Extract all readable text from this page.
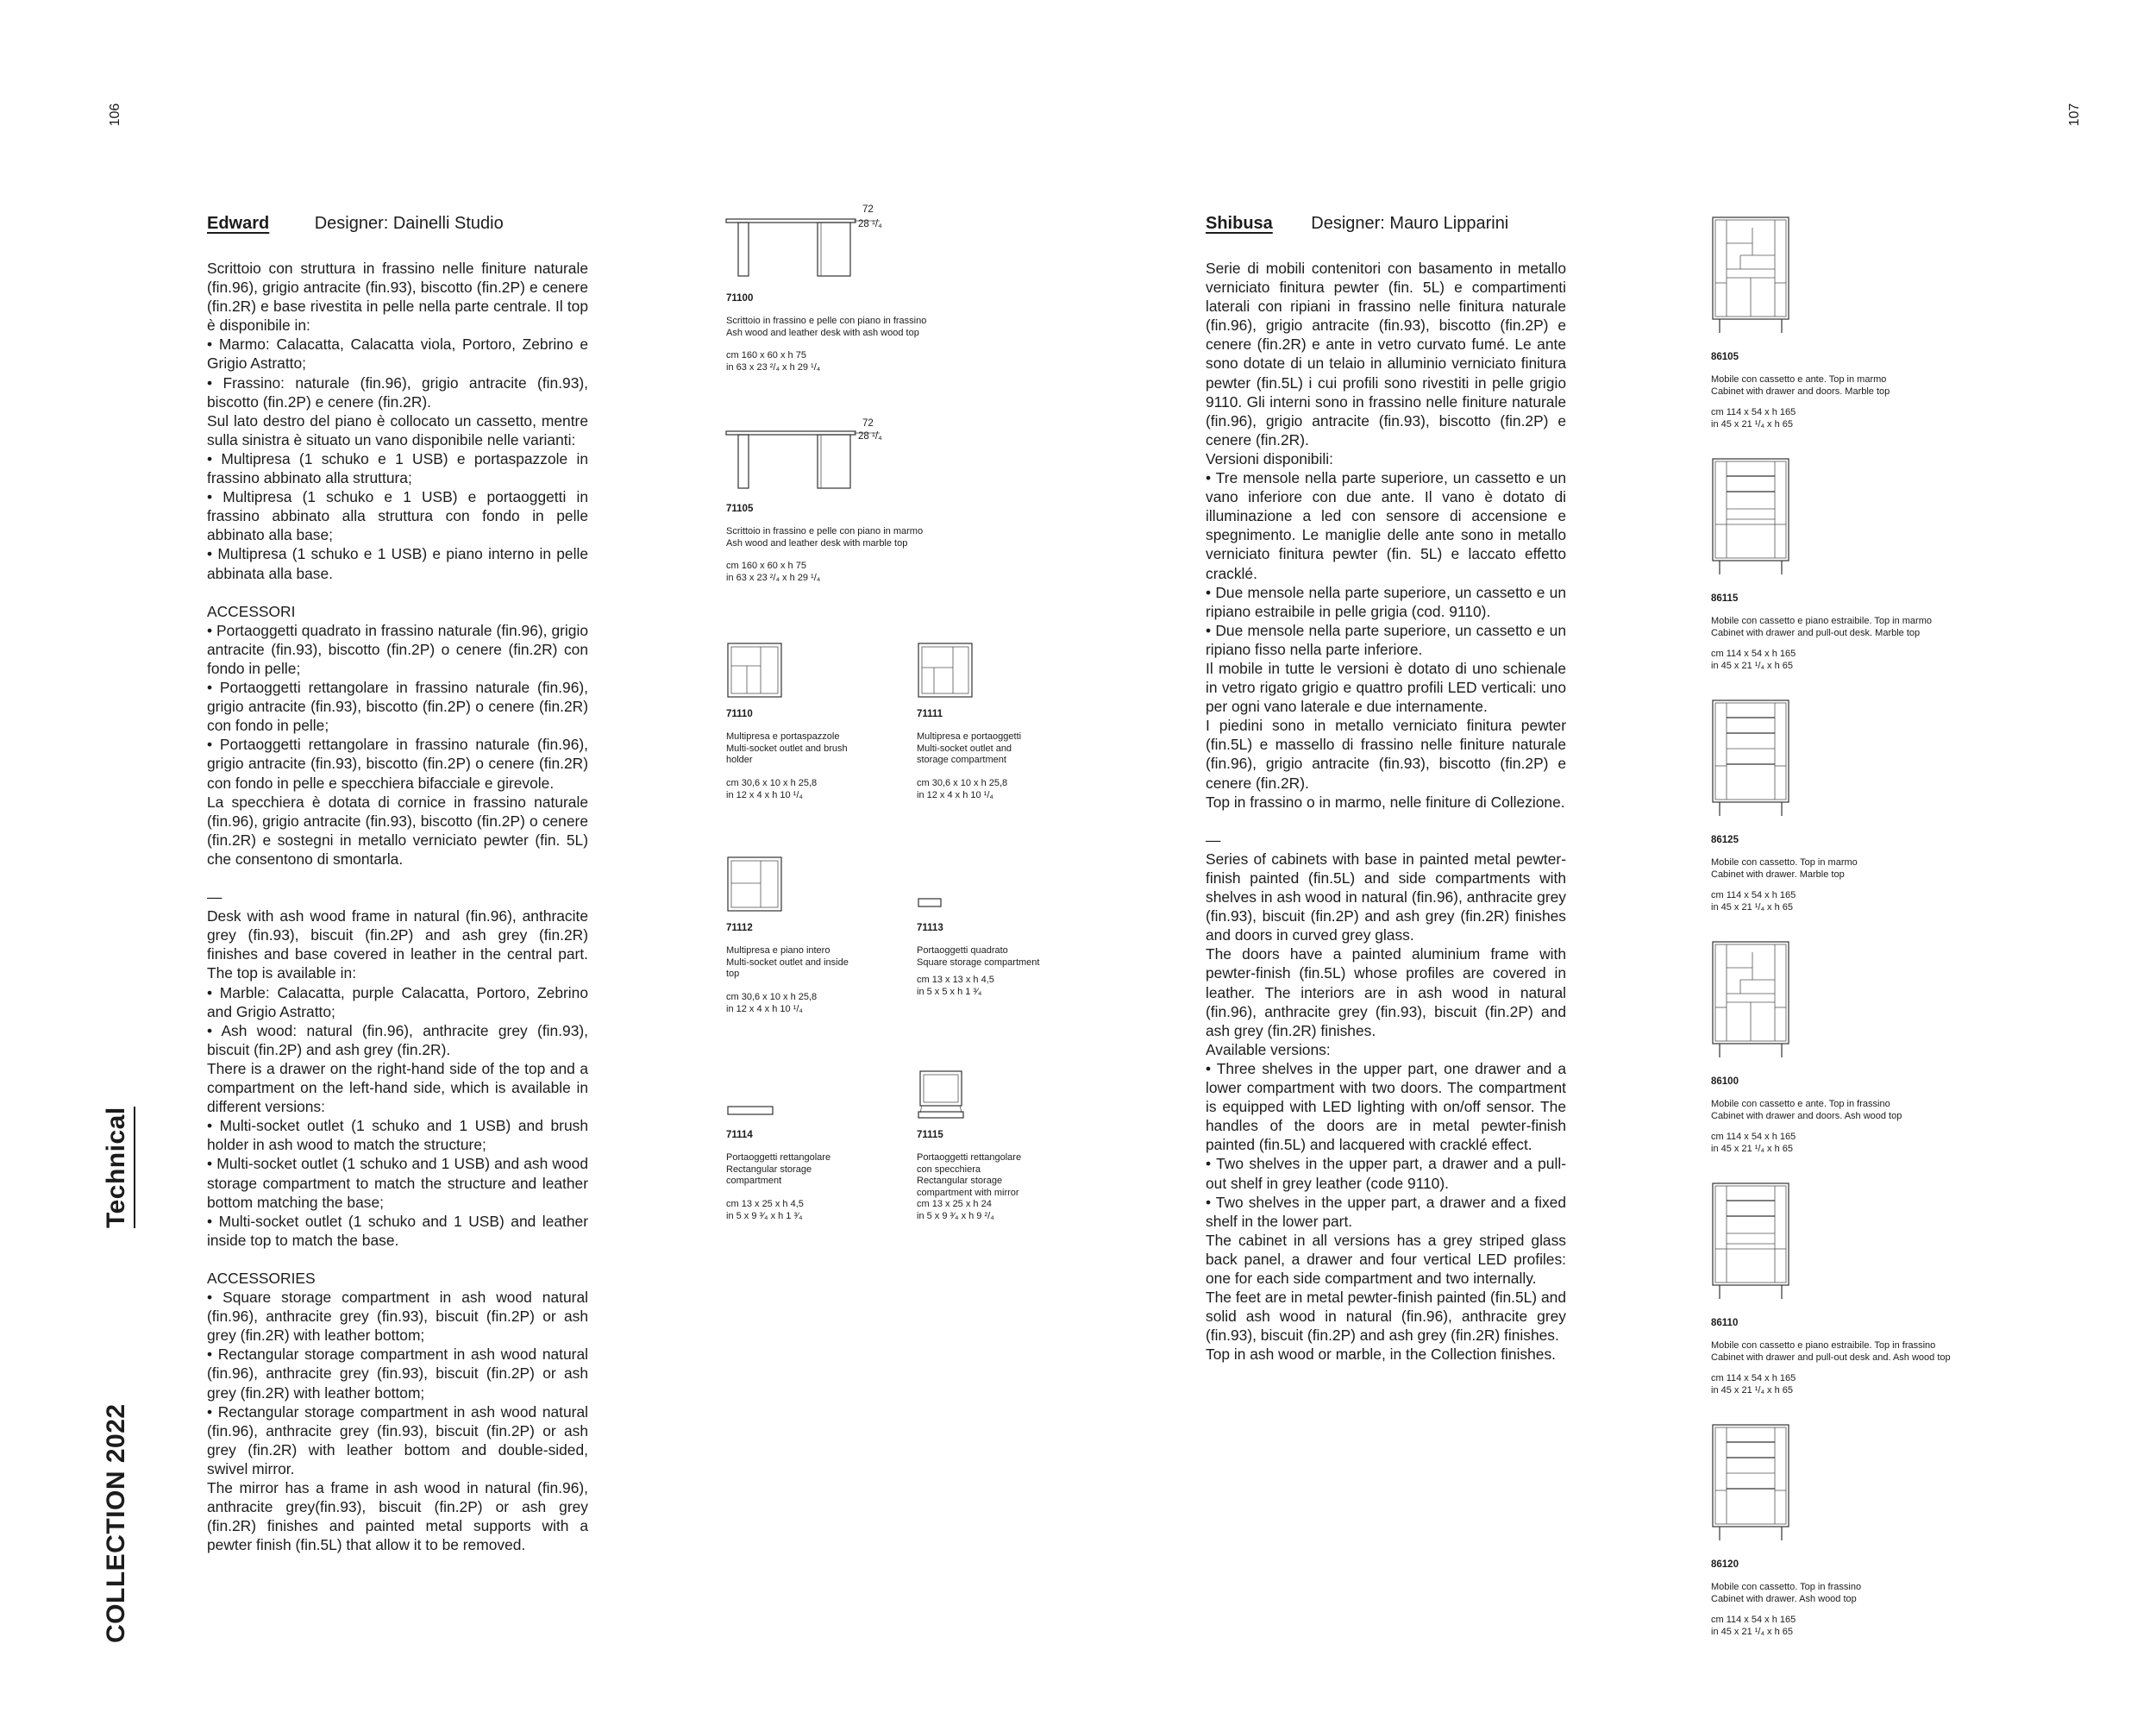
106	107
Technical
COLLECTION 2022
Edward	Designer: Dainelli Studio
Scrittoio con struttura in frassino nelle finiture naturale (fin.96), grigio antracite (fin.93), biscotto (fin.2P) e cenere (fin.2R) e base rivestita in pelle nella parte centrale. Il top è disponibile in:
• Marmo: Calacatta, Calacatta viola, Portoro, Zebrino e Grigio Astratto;
• Frassino: naturale (fin.96), grigio antracite (fin.93), biscotto (fin.2P) e cenere (fin.2R).
Sul lato destro del piano è collocato un cassetto, mentre sulla sinistra è situato un vano disponibile nelle varianti:
• Multipresa (1 schuko e 1 USB) e portaspazzole in frassino abbinato alla struttura;
• Multipresa (1 schuko e 1 USB) e portaoggetti in frassino abbinato alla struttura con fondo in pelle abbinato alla base;
• Multipresa (1 schuko e 1 USB) e piano interno in pelle abbinata alla base.

ACCESSORI
• Portaoggetti quadrato in frassino naturale (fin.96), grigio antracite (fin.93), biscotto (fin.2P) o cenere (fin.2R) con fondo in pelle;
• Portaoggetti rettangolare in frassino naturale (fin.96), grigio antracite (fin.93), biscotto (fin.2P) o cenere (fin.2R) con fondo in pelle;
• Portaoggetti rettangolare in frassino naturale (fin.96), grigio antracite (fin.93), biscotto (fin.2P) o cenere (fin.2R) con fondo in pelle e specchiera bifacciale e girevole.
La specchiera è dotata di cornice in frassino naturale (fin.96), grigio antracite (fin.93), biscotto (fin.2P) o cenere (fin.2R) e sostegni in metallo verniciato pewter (fin. 5L) che consentono di smontarla.

—
Desk with ash wood frame in natural (fin.96), anthracite grey (fin.93), biscuit (fin.2P) and ash grey (fin.2R) finishes and base covered in leather in the central part. The top is available in:
• Marble: Calacatta, purple Calacatta, Portoro, Zebrino and Grigio Astratto;
• Ash wood: natural (fin.96), anthracite grey (fin.93), biscuit (fin.2P) and ash grey (fin.2R).
There is a drawer on the right-hand side of the top and a compartment on the left-hand side, which is available in different versions:
• Multi-socket outlet (1 schuko and 1 USB) and brush holder in ash wood to match the structure;
• Multi-socket outlet (1 schuko and 1 USB) and ash wood storage compartment to match the structure and leather bottom matching the base;
• Multi-socket outlet (1 schuko and 1 USB) and leather inside top to match the base.

ACCESSORIES
• Square storage compartment in ash wood natural (fin.96), anthracite grey (fin.93), biscuit (fin.2P) or ash grey (fin.2R) with leather bottom;
• Rectangular storage compartment in ash wood natural (fin.96), anthracite grey (fin.93), biscuit (fin.2P) or ash grey (fin.2R) with leather bottom;
• Rectangular storage compartment in ash wood natural (fin.96), anthracite grey (fin.93), biscuit (fin.2P) or ash grey (fin.2R) with leather bottom and double-sided, swivel mirror.
The mirror has a frame in ash wood in natural (fin.96), anthracite grey(fin.93), biscuit (fin.2P) or ash grey (fin.2R) finishes and painted metal supports with a pewter finish (fin.5L) that allow it to be removed.
72
28 ¹/₄
71100
Scrittoio in frassino e pelle con piano in frassino
Ash wood and leather desk with ash wood top
cm 160 x 60 x h 75
in 63 x 23 ²/₄ x h 29 ¹/₄
72
28 ¹/₄
71105
Scrittoio in frassino e pelle con piano in marmo
Ash wood and leather desk with marble top
cm 160 x 60 x h 75
in 63 x 23 ²/₄ x h 29 ¹/₄
71110
Multipresa e portaspazzole
Multi-socket outlet and brush
holder
cm 30,6 x 10 x h 25,8
in 12 x 4 x h 10 ¹/₄
71111
Multipresa e portaoggetti
Multi-socket outlet and
storage compartment
cm 30,6 x 10 x h 25,8
in 12 x 4 x h 10 ¹/₄
71112
Multipresa e piano intero
Multi-socket outlet and inside
top
cm 30,6 x 10 x h 25,8
in 12 x 4 x h 10 ¹/₄
71113
Portaoggetti quadrato
Square storage compartment
cm 13 x 13 x h 4,5
in 5 x 5 x h 1 ³⁄₄
71114
Portaoggetti rettangolare
Rectangular storage
compartment
cm 13 x 25 x h 4,5
in 5 x 9 ³⁄₄ x h 1 ³⁄₄
71115
Portaoggetti rettangolare
con specchiera
Rectangular storage
compartment with mirror
cm 13 x 25 x h 24
in 5 x 9 ³⁄₄ x h 9 ²/₄
Shibusa Designer: Mauro Lipparini
Serie di mobili contenitori con basamento in metallo verniciato finitura pewter (fin. 5L) e compartimenti laterali con ripiani in frassino nelle finitura naturale (fin.96), grigio antracite (fin.93), biscotto (fin.2P) e cenere (fin.2R) e ante in vetro curvato fumé. Le ante sono dotate di un telaio in alluminio verniciato finitura pewter (fin.5L) i cui profili sono rivestiti in pelle grigio 9110. Gli interni sono in frassino nelle finiture naturale (fin.96), grigio antracite (fin.93), biscotto (fin.2P) e cenere (fin.2R).
Versioni disponibili:
• Tre mensole nella parte superiore, un cassetto e un vano inferiore con due ante. Il vano è dotato di illuminazione a led con sensore di accensione e spegnimento. Le maniglie delle ante sono in metallo verniciato finitura pewter (fin. 5L) e laccato effetto cracklé.
• Due mensole nella parte superiore, un cassetto e un ripiano estraibile in pelle grigia (cod. 9110).
• Due mensole nella parte superiore, un cassetto e un ripiano fisso nella parte inferiore.
Il mobile in tutte le versioni è dotato di uno schienale in vetro rigato grigio e quattro profili LED verticali: uno per ogni vano laterale e due internamente.
I piedini sono in metallo verniciato finitura pewter (fin.5L) e massello di frassino nelle finiture naturale (fin.96), grigio antracite (fin.93), biscotto (fin.2P) e cenere (fin.2R).
Top in frassino o in marmo, nelle finiture di Collezione.

—
Series of cabinets with base in painted metal pewter-finish painted (fin.5L) and side compartments with shelves in ash wood in natural (fin.96), anthracite grey (fin.93), biscuit (fin.2P) and ash grey (fin.2R) finishes and doors in curved grey glass.
The doors have a painted aluminium frame with pewter-finish (fin.5L) whose profiles are covered in leather. The interiors are in ash wood in natural (fin.96), anthracite grey (fin.93), biscuit (fin.2P) and ash grey (fin.2R) finishes.
Available versions:
• Three shelves in the upper part, one drawer and a lower compartment with two doors. The compartment is equipped with LED lighting with on/off sensor. The handles of the doors are in metal pewter-finish painted (fin.5L) and lacquered with cracklé effect.
• Two shelves in the upper part, a drawer and a pull-out shelf in grey leather (code 9110).
• Two shelves in the upper part, a drawer and a fixed shelf in the lower part.
The cabinet in all versions has a grey striped glass back panel, a drawer and four vertical LED profiles: one for each side compartment and two internally.
The feet are in metal pewter-finish painted (fin.5L) and solid ash wood in natural (fin.96), anthracite grey (fin.93), biscuit (fin.2P) and ash grey (fin.2R) finishes.
Top in ash wood or marble, in the Collection finishes.
86105
Mobile con cassetto e ante. Top in marmo
Cabinet with drawer and doors. Marble top
cm 114 x 54 x h 165
in 45 x 21 ¹/₄ x h 65
86115
Mobile con cassetto e piano estraibile. Top in marmo
Cabinet with drawer and pull-out desk. Marble top
cm 114 x 54 x h 165
in 45 x 21 ¹/₄ x h 65
86125
Mobile con cassetto. Top in marmo
Cabinet with drawer. Marble top
cm 114 x 54 x h 165
in 45 x 21 ¹/₄ x h 65
86100
Mobile con cassetto e ante. Top in frassino
Cabinet with drawer and doors. Ash wood top
cm 114 x 54 x h 165
in 45 x 21 ¹/₄ x h 65
86110
Mobile con cassetto e piano estraibile. Top in frassino
Cabinet with drawer and pull-out desk and. Ash wood top
cm 114 x 54 x h 165
in 45 x 21 ¹/₄ x h 65
86120
Mobile con cassetto. Top in frassino
Cabinet with drawer. Ash wood top
cm 114 x 54 x h 165
in 45 x 21 ¹/₄ x h 65
